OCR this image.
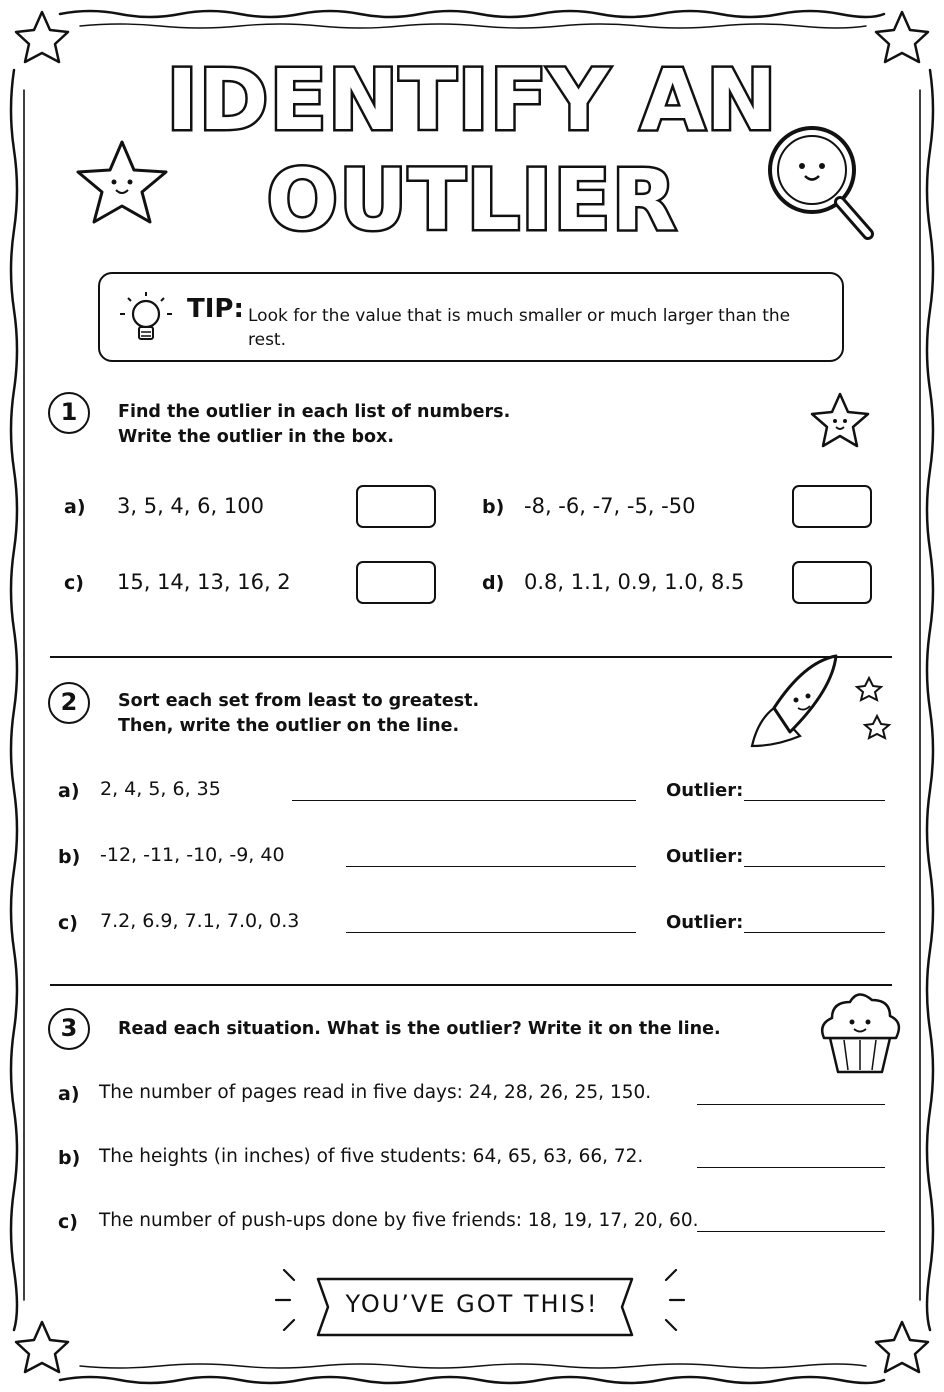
IDENTIFY AN
OUTLIER
TIP: Look for the value that is much smaller or much larger than the rest.
1	Find the outlier in each list of numbers.
Write the outlier in the box.
a) 3, 5, 4, 6, 100	b) -8, -6, -7, -5, -50
c) 15, 14, 13, 16, 2	d) 0.8, 1.1, 0.9, 1.0, 8.5
2	Sort each set from least to greatest.
Then, write the outlier on the line.
a) 2, 4, 5, 6, 35	Outlier:
b) -12, -11, -10, -9, 40	Outlier:
c) 7.2, 6.9, 7.1, 7.0, 0.3	Outlier:
3	Read each situation. What is the outlier? Write it on the line.
a) The number of pages read in five days: 24, 28, 26, 25, 150.
b) The heights (in inches) of five students: 64, 65, 63, 66, 72.
c) The number of push-ups done by five friends: 18, 19, 17, 20, 60.
YOU’VE GOT THIS!
